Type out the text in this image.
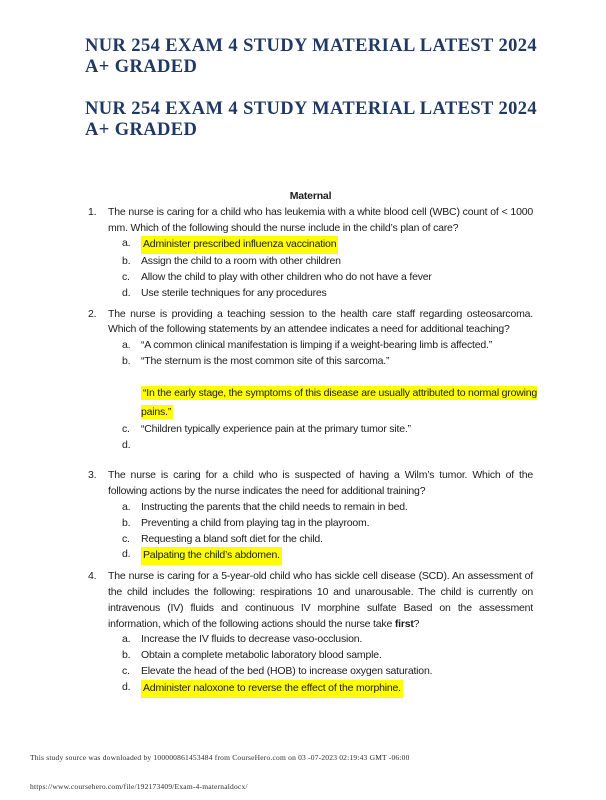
NUR 254 EXAM 4 STUDY MATERIAL LATEST 2024
A+ GRADED
NUR 254 EXAM 4 STUDY MATERIAL LATEST 2024
A+ GRADED
Maternal
1.	The nurse is caring for a child who has leukemia with a white blood cell (WBC) count of < 1000 mm. Which of the following should the nurse include in the child’s plan of care?

a.	Administer prescribed influenza vaccination
b.	Assign the child to a room with other children
c.	Allow the child to play with other children who do not have a fever
d.	Use sterile techniques for any procedures
2.	The nurse is providing a teaching session to the health care staff regarding osteosarcoma. Which of the following statements by an attendee indicates a need for additional teaching?

a.	“A common clinical manifestation is limping if a weight-bearing limb is affected.”
b.	“The sternum is the most common site of this sarcoma.”
“In the early stage, the symptoms of this disease are usually attributed to normal growing pains.”
c.	“Children typically experience pain at the primary tumor site.”
d.
3.	The nurse is caring for a child who is suspected of having a Wilm’s tumor. Which of the following actions by the nurse indicates the need for additional training?

a.	Instructing the parents that the child needs to remain in bed.
b.	Preventing a child from playing tag in the playroom.
c.	Requesting a bland soft diet for the child.
d.	Palpating the child’s abdomen.
4.	The nurse is caring for a 5-year-old child who has sickle cell disease (SCD). An assessment of the child includes the following: respirations 10 and unarousable. The child is currently on intravenous (IV) fluids and continuous IV morphine sulfate Based on the assessment information, which of the following actions should the nurse take first?

a.	Increase the IV fluids to decrease vaso-occlusion.
b.	Obtain a complete metabolic laboratory blood sample.
c.	Elevate the head of the bed (HOB) to increase oxygen saturation.
d.	Administer naloxone to reverse the effect of the morphine.
This study source was downloaded by 100000861453484 from CourseHero.com on 03 -07-2023 02:19:43 GMT -06:00
https://www.coursehero.com/file/192173409/Exam-4-maternaldocx/
